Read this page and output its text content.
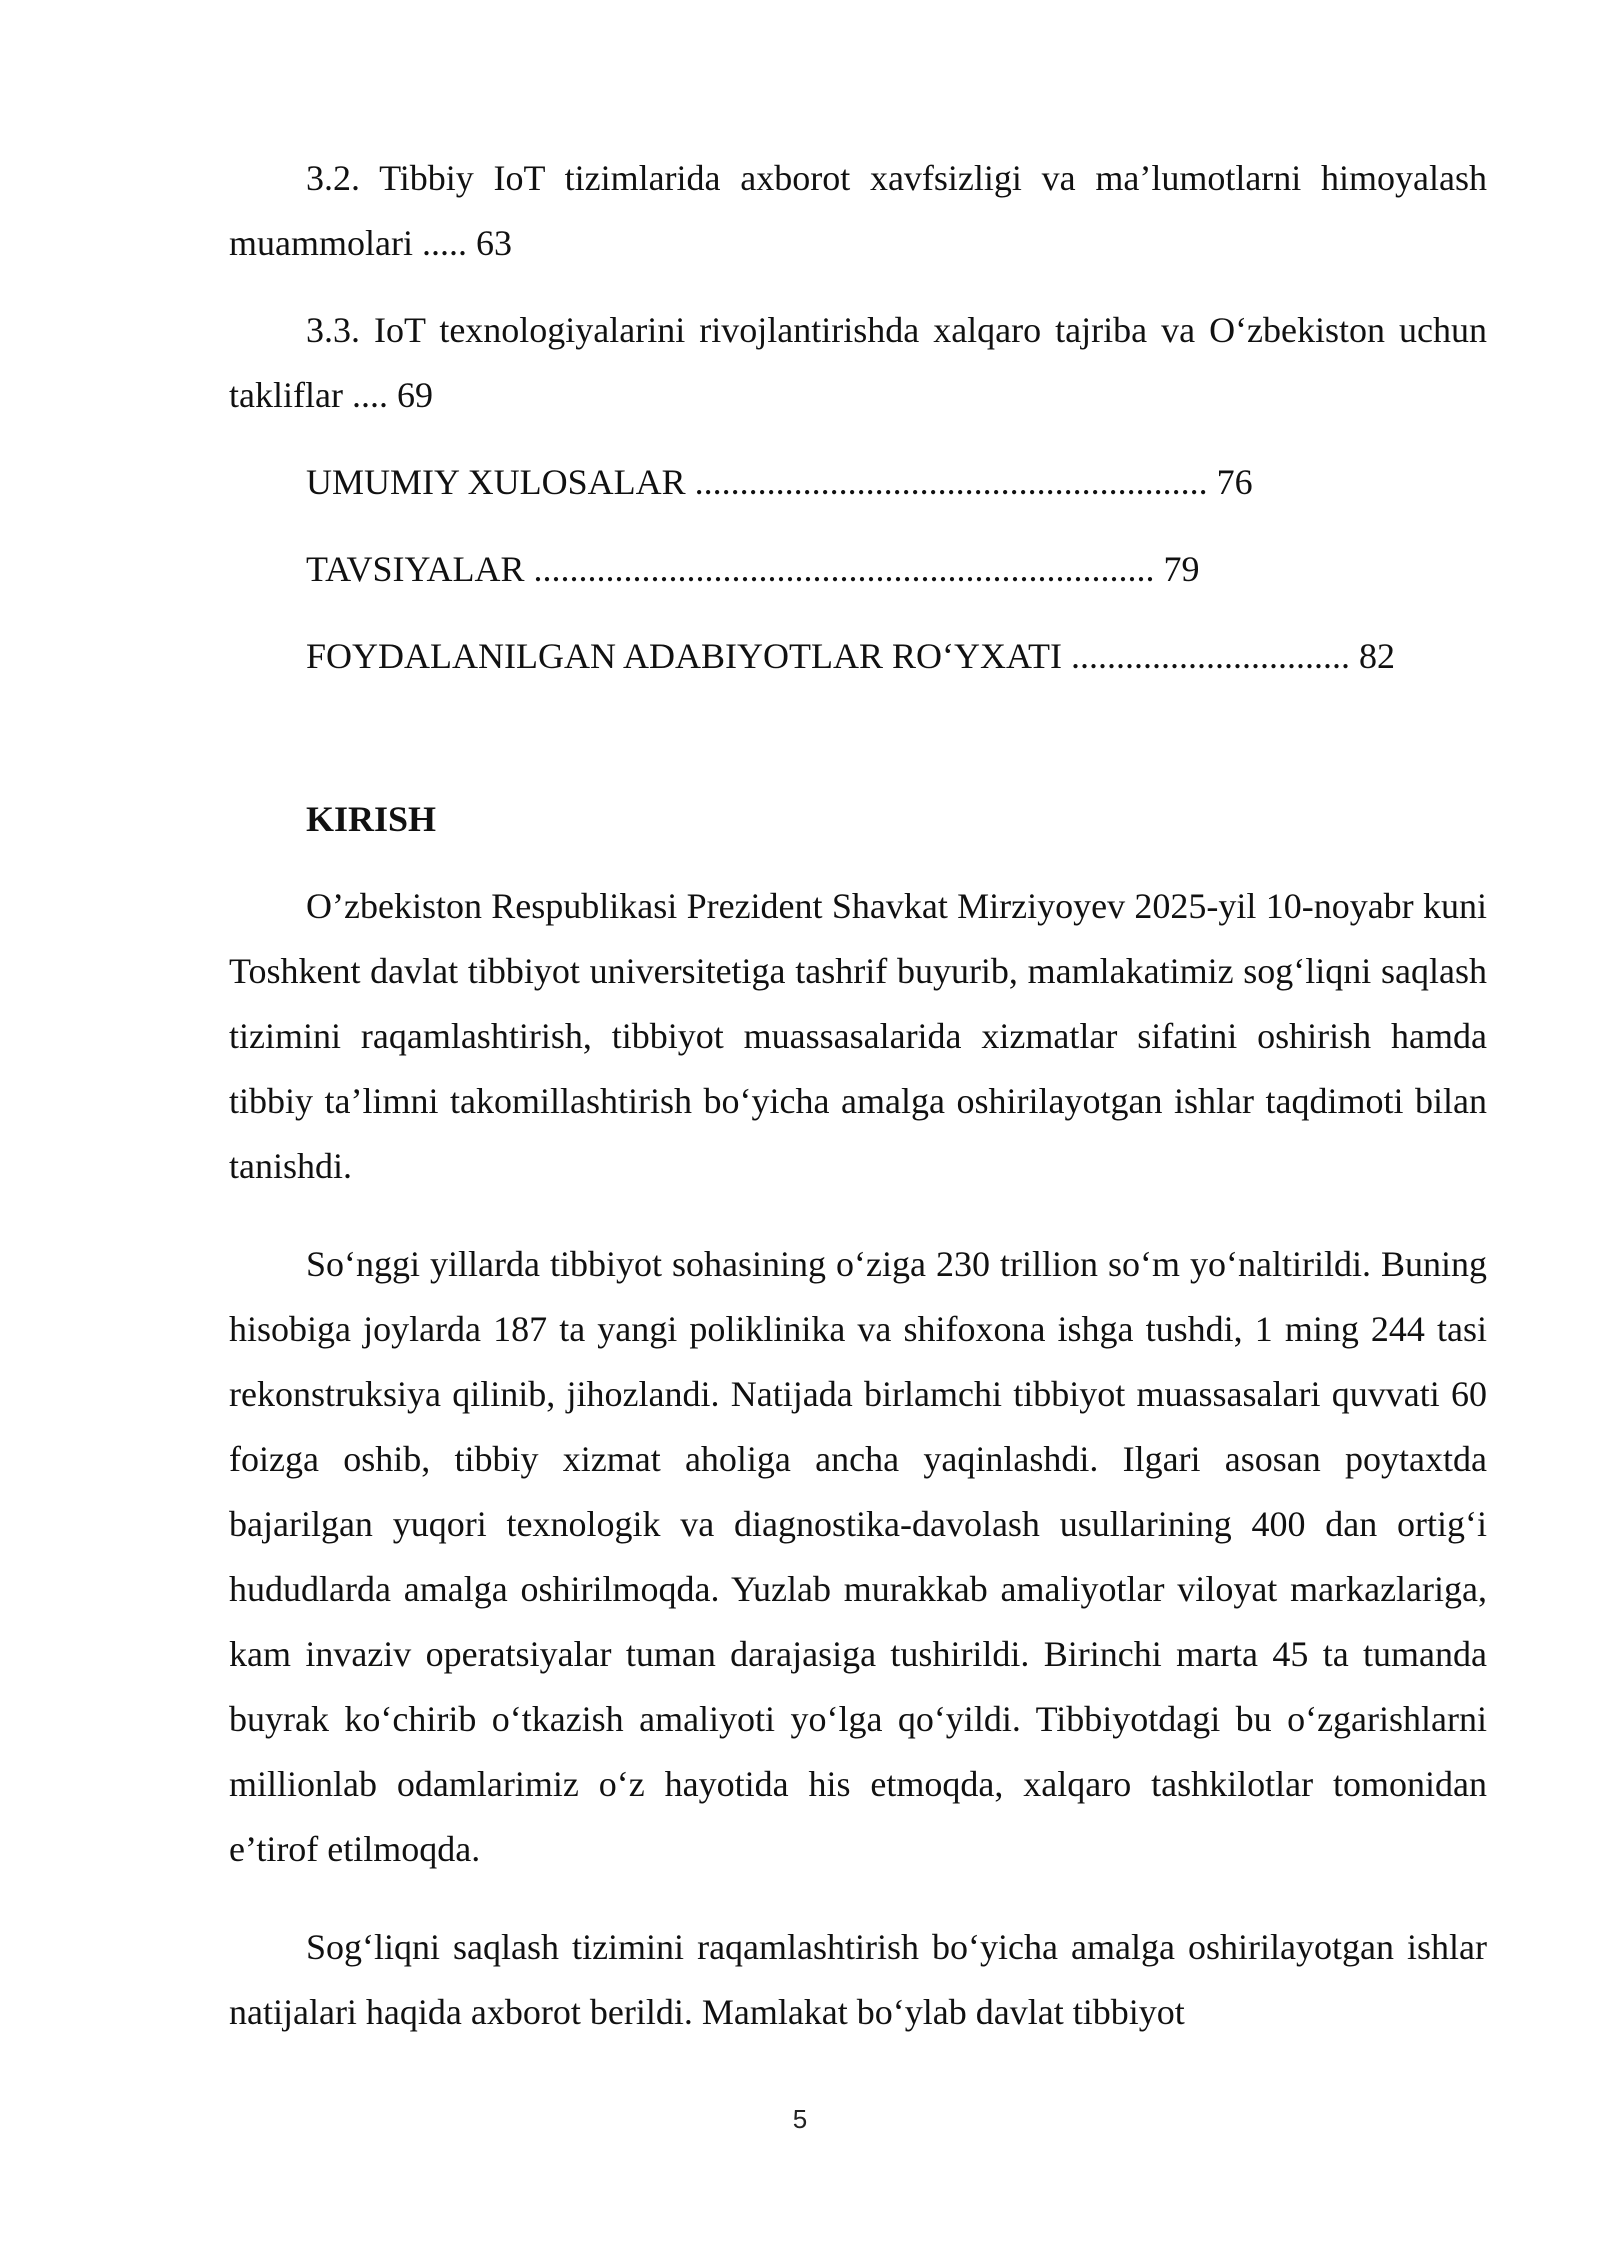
3.2. Tibbiy IoT tizimlarida axborot xavfsizligi va ma’lumotlarni himoyalash muammolari ..... 63

3.3. IoT texnologiyalarini rivojlantirishda xalqaro tajriba va O‘zbekiston uchun takliflar .... 69

UMUMIY XULOSALAR ......................................................... 76

TAVSIYALAR ..................................................................... 79

FOYDALANILGAN ADABIYOTLAR RO‘YXATI ............................... 82

KIRISH

O’zbekiston Respublikasi Prezident Shavkat Mirziyoyev 2025-yil 10-noyabr kuni Toshkent davlat tibbiyot universitetiga tashrif buyurib, mamlakatimiz sog‘liqni saqlash tizimini raqamlashtirish, tibbiyot muassasalarida xizmatlar sifatini oshirish hamda tibbiy ta’limni takomillashtirish bo‘yicha amalga oshirilayotgan ishlar taqdimoti bilan tanishdi.

So‘nggi yillarda tibbiyot sohasining o‘ziga 230 trillion so‘m yo‘naltirildi. Buning hisobiga joylarda 187 ta yangi poliklinika va shifoxona ishga tushdi, 1 ming 244 tasi rekonstruksiya qilinib, jihozlandi. Natijada birlamchi tibbiyot muassasalari quvvati 60 foizga oshib, tibbiy xizmat aholiga ancha yaqinlashdi. Ilgari asosan poytaxtda bajarilgan yuqori texnologik va diagnostika-davolash usullarining 400 dan ortig‘i hududlarda amalga oshirilmoqda. Yuzlab murakkab amaliyotlar viloyat markazlariga, kam invaziv operatsiyalar tuman darajasiga tushirildi. Birinchi marta 45 ta tumanda buyrak ko‘chirib o‘tkazish amaliyoti yo‘lga qo‘yildi. Tibbiyotdagi bu o‘zgarishlarni millionlab odamlarimiz o‘z hayotida his etmoqda, xalqaro tashkilotlar tomonidan e’tirof etilmoqda.

Sog‘liqni saqlash tizimini raqamlashtirish bo‘yicha amalga oshirilayotgan ishlar natijalari haqida axborot berildi. Mamlakat bo‘ylab davlat tibbiyot

5
